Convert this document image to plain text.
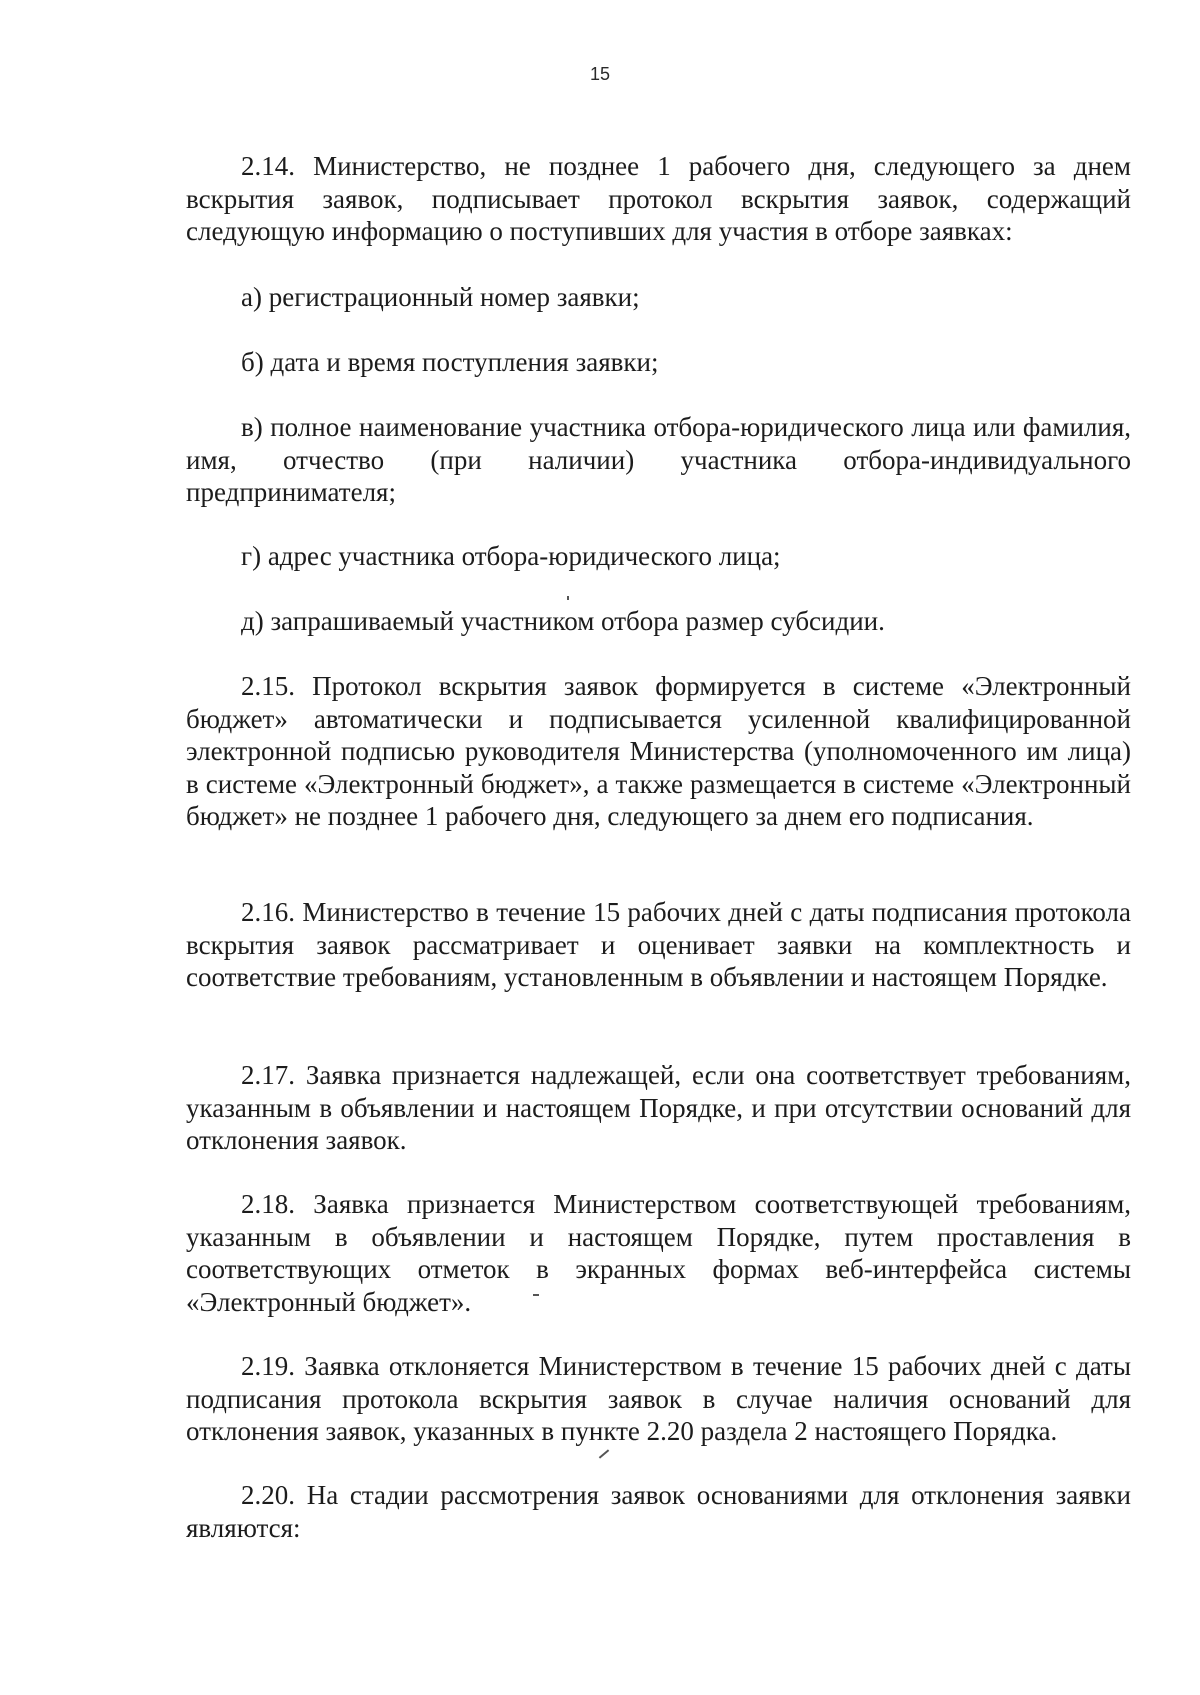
15

2.14. Министерство, не позднее 1 рабочего дня, следующего за днем вскрытия заявок, подписывает протокол вскрытия заявок, содержащий следующую информацию о поступивших для участия в отборе заявках:

а) регистрационный номер заявки;

б) дата и время поступления заявки;

в) полное наименование участника отбора-юридического лица или фамилия, имя, отчество (при наличии) участника отбора-индивидуального предпринимателя;

г) адрес участника отбора-юридического лица;

д) запрашиваемый участником отбора размер субсидии.

2.15. Протокол вскрытия заявок формируется в системе «Электронный бюджет» автоматически и подписывается усиленной квалифицированной электронной подписью руководителя Министерства (уполномоченного им лица) в системе «Электронный бюджет», а также размещается в системе «Электронный бюджет» не позднее 1 рабочего дня, следующего за днем его подписания.

2.16. Министерство в течение 15 рабочих дней с даты подписания протокола вскрытия заявок рассматривает и оценивает заявки на комплектность и соответствие требованиям, установленным в объявлении и настоящем Порядке.

2.17. Заявка признается надлежащей, если она соответствует требованиям, указанным в объявлении и настоящем Порядке, и при отсутствии оснований для отклонения заявок.

2.18. Заявка признается Министерством соответствующей требованиям, указанным в объявлении и настоящем Порядке, путем проставления в соответствующих отметок в экранных формах веб-интерфейса системы «Электронный бюджет».

2.19. Заявка отклоняется Министерством в течение 15 рабочих дней с даты подписания протокола вскрытия заявок в случае наличия оснований для отклонения заявок, указанных в пункте 2.20 раздела 2 настоящего Порядка.

2.20. На стадии рассмотрения заявок основаниями для отклонения заявки являются:
